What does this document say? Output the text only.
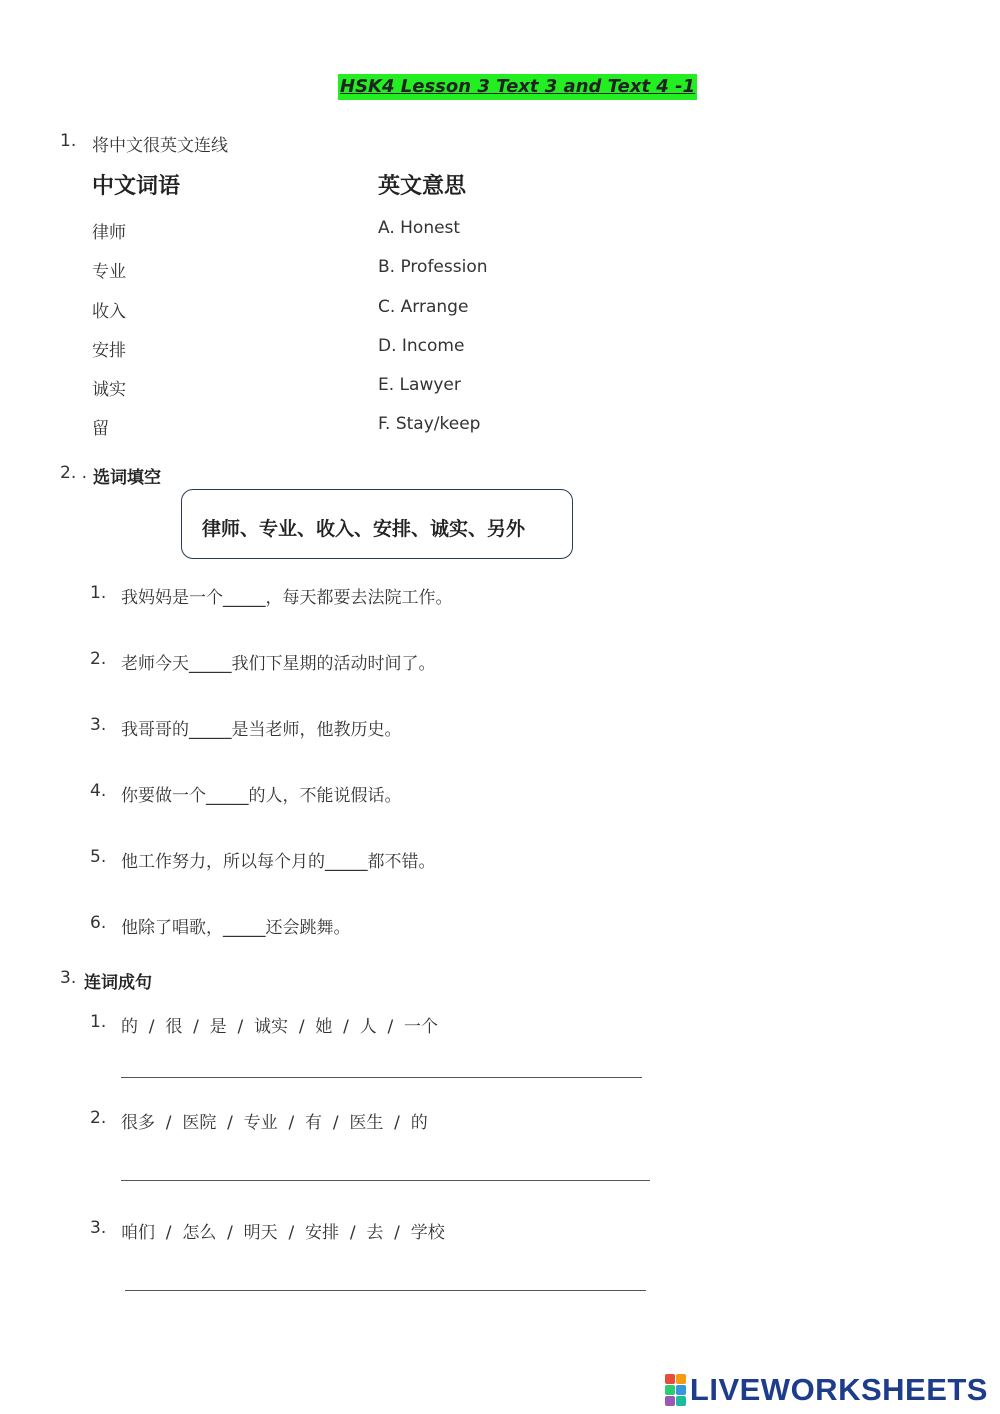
HSK4 Lesson 3 Text 3 and Text 4 -1
1. 将中文很英文连线
中文词语	英文意思
律师	A. Honest
专业	B. Profession
收入	C. Arrange
安排	D. Income
诚实	E. Lawyer
留	F. Stay/keep
2. . 选词填空
律师、专业、收入、安排、诚实、另外
1. 我妈妈是一个_____，每天都要去法院工作。
2. 老师今天_____我们下星期的活动时间了。
3. 我哥哥的_____是当老师，他教历史。
4. 你要做一个_____的人，不能说假话。
5. 他工作努力，所以每个月的_____都不错。
6. 他除了唱歌，_____还会跳舞。
3. 连词成句
1. 的  /  很  /  是  /  诚实  /  她  /  人  /  一个
2. 很多  /  医院  /  专业  /  有  /  医生  /  的
3. 咱们  /  怎么  /  明天  /  安排  /  去  /  学校
LIVEWORKSHEETS
